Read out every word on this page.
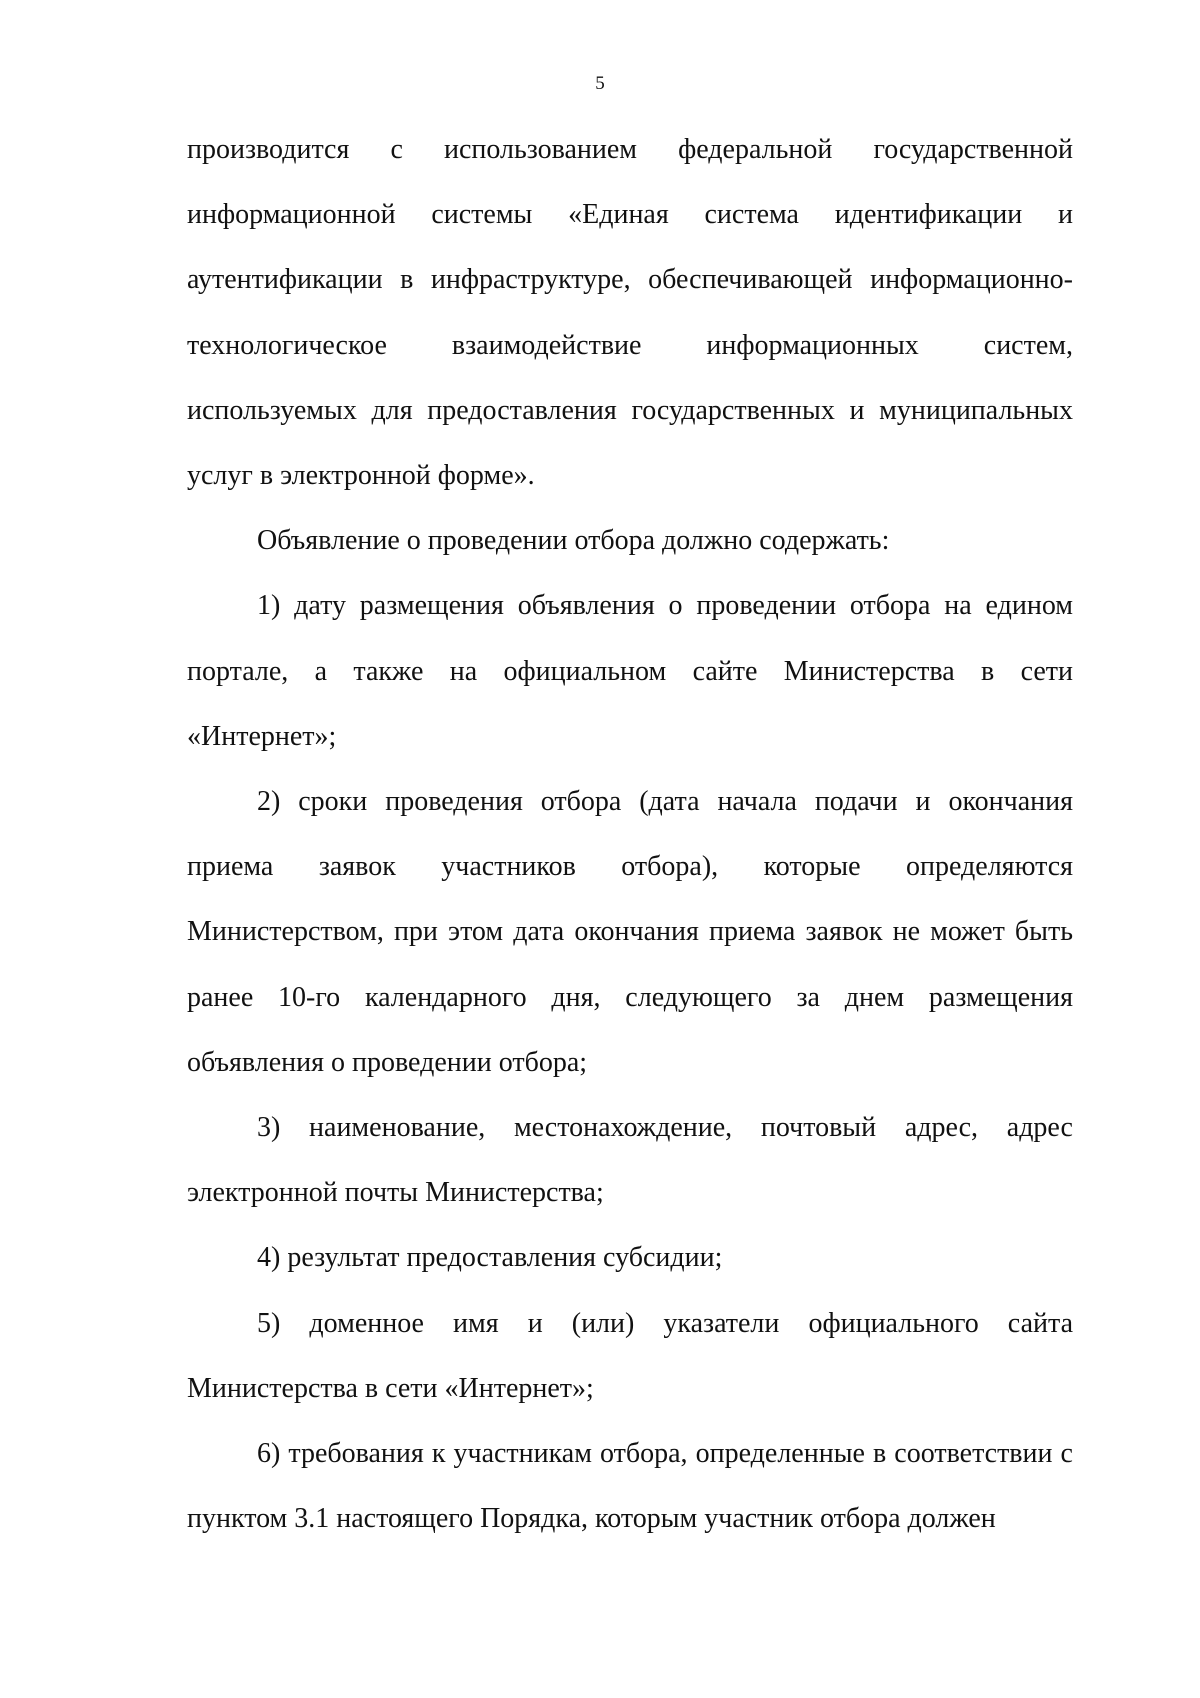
5

производится с использованием федеральной государственной информационной системы «Единая система идентификации и аутентификации в инфраструктуре, обеспечивающей информационно-технологическое взаимодействие информационных систем, используемых для предоставления государственных и муниципальных услуг в электронной форме».

Объявление о проведении отбора должно содержать:

1) дату размещения объявления о проведении отбора на едином портале, а также на официальном сайте Министерства в сети «Интернет»;

2) сроки проведения отбора (дата начала подачи и окончания приема заявок участников отбора), которые определяются Министерством, при этом дата окончания приема заявок не может быть ранее 10-го календарного дня, следующего за днем размещения объявления о проведении отбора;

3) наименование, местонахождение, почтовый адрес, адрес электронной почты Министерства;

4) результат предоставления субсидии;

5) доменное имя и (или) указатели официального сайта Министерства в сети «Интернет»;

6) требования к участникам отбора, определенные в соответствии с пунктом 3.1 настоящего Порядка, которым участник отбора должен
